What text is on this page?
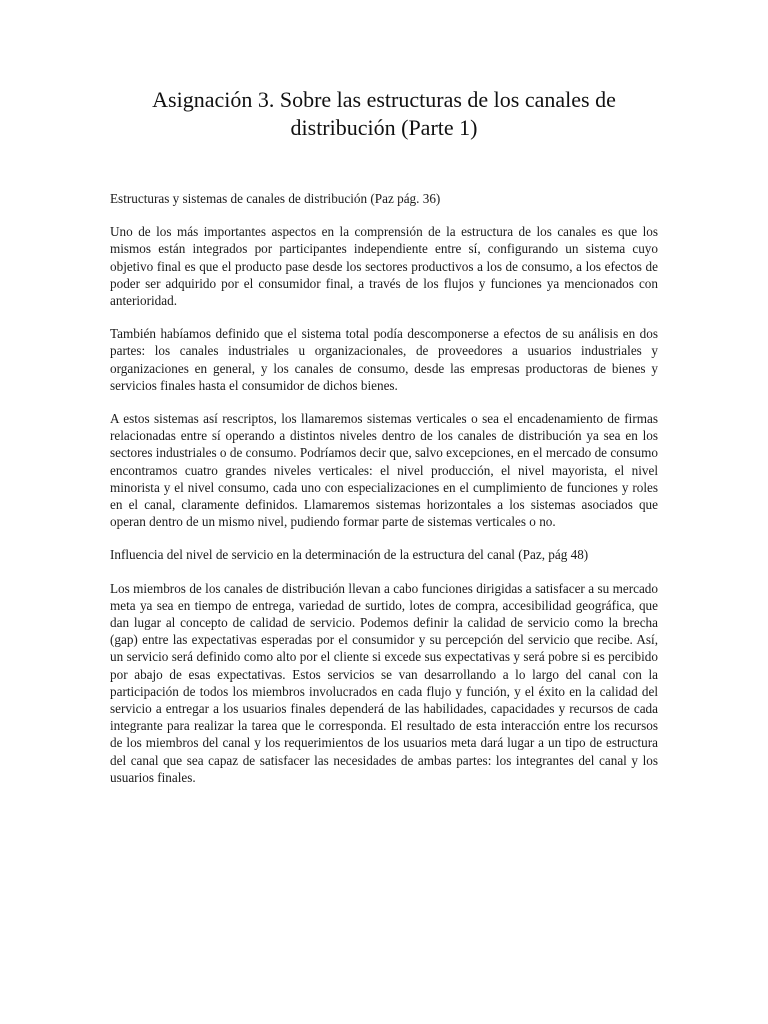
Asignación 3. Sobre las estructuras de los canales de distribución (Parte 1)

Estructuras y sistemas de canales de distribución (Paz pág. 36)

Uno de los más importantes aspectos en la comprensión de la estructura de los canales es que los mismos están integrados por participantes independiente entre sí, configurando un sistema cuyo objetivo final es que el producto pase desde los sectores productivos a los de consumo, a los efectos de poder ser adquirido por el consumidor final, a través de los flujos y funciones ya mencionados con anterioridad.

También habíamos definido que el sistema total podía descomponerse a efectos de su análisis en dos partes: los canales industriales u organizacionales, de proveedores a usuarios industriales y organizaciones en general, y los canales de consumo, desde las empresas productoras de bienes y servicios finales hasta el consumidor de dichos bienes.

A estos sistemas así rescriptos, los llamaremos sistemas verticales o sea el encadenamiento de firmas relacionadas entre sí operando a distintos niveles dentro de los canales de distribución ya sea en los sectores industriales o de consumo. Podríamos decir que, salvo excepciones, en el mercado de consumo encontramos cuatro grandes niveles verticales: el nivel producción, el nivel mayorista, el nivel minorista y el nivel consumo, cada uno con especializaciones en el cumplimiento de funciones y roles en el canal, claramente definidos. Llamaremos sistemas horizontales a los sistemas asociados que operan dentro de un mismo nivel, pudiendo formar parte de sistemas verticales o no.

Influencia del nivel de servicio en la determinación de la estructura del canal (Paz, pág 48)

Los miembros de los canales de distribución llevan a cabo funciones dirigidas a satisfacer a su mercado meta ya sea en tiempo de entrega, variedad de surtido, lotes de compra, accesibilidad geográfica, que dan lugar al concepto de calidad de servicio. Podemos definir la calidad de servicio como la brecha (gap) entre las expectativas esperadas por el consumidor y su percepción del servicio que recibe. Así, un servicio será definido como alto por el cliente si excede sus expectativas y será pobre si es percibido por abajo de esas expectativas. Estos servicios se van desarrollando a lo largo del canal con la participación de todos los miembros involucrados en cada flujo y función, y el éxito en la calidad del servicio a entregar a los usuarios finales dependerá de las habilidades, capacidades y recursos de cada integrante para realizar la tarea que le corresponda. El resultado de esta interacción entre los recursos de los miembros del canal y los requerimientos de los usuarios meta dará lugar a un tipo de estructura del canal que sea capaz de satisfacer las necesidades de ambas partes: los integrantes del canal y los usuarios finales.
